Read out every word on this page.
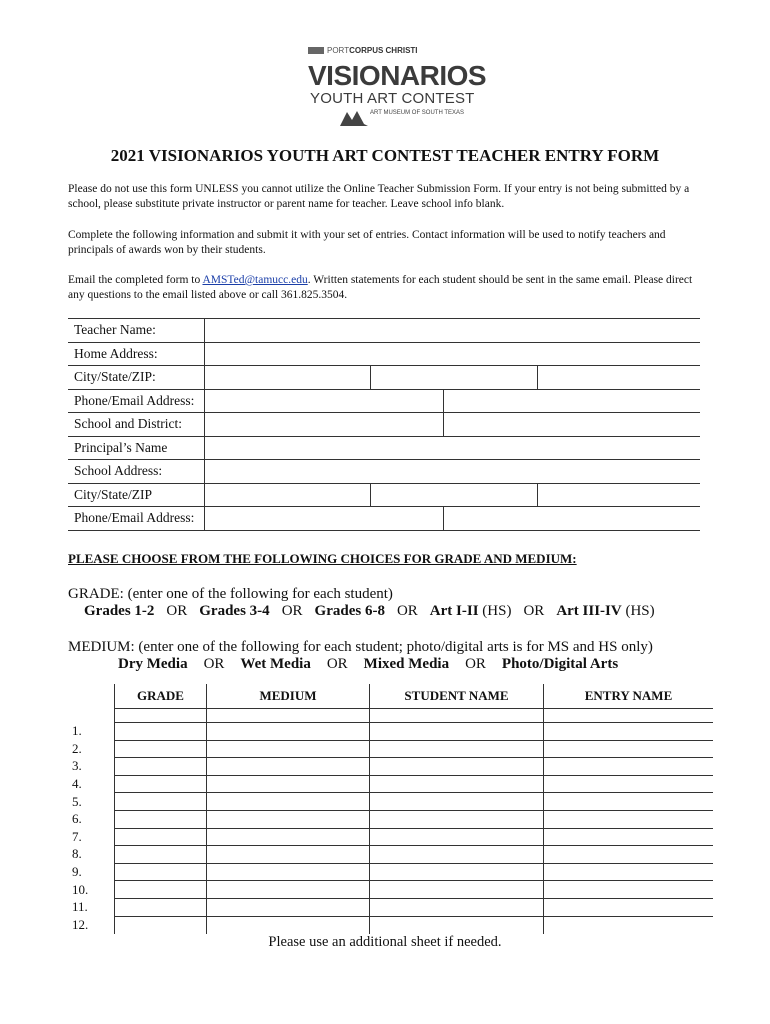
PORTCORPUS CHRISTI
VISIONARIOS
YOUTH ART CONTEST
ART MUSEUM OF SOUTH TEXAS
2021 VISIONARIOS YOUTH ART CONTEST TEACHER ENTRY FORM
Please do not use this form UNLESS you cannot utilize the Online Teacher Submission Form. If your entry is not being submitted by a school, please substitute private instructor or parent name for teacher. Leave school info blank.
Complete the following information and submit it with your set of entries. Contact information will be used to notify teachers and principals of awards won by their students.
Email the completed form to AMSTed@tamucc.edu. Written statements for each student should be sent in the same email. Please direct any questions to the email listed above or call 361.825.3504.
Teacher Name:	
Home Address:	
City/State/ZIP:	

Phone/Email Address:	

School and District:	

Principal’s Name	
School Address:	
City/State/ZIP	

Phone/Email Address:	
PLEASE CHOOSE FROM THE FOLLOWING CHOICES FOR GRADE AND MEDIUM:
GRADE: (enter one of the following for each student)
Grades 1-2 OR Grades 3-4 OR Grades 6-8 OR Art I-II (HS) OR Art III-IV (HS)
MEDIUM: (enter one of the following for each student; photo/digital arts is for MS and HS only)
Dry Media OR Wet Media OR Mixed Media OR Photo/Digital Arts
	GRADE	MEDIUM	STUDENT NAME	ENTRY NAME

1.				
2.				
3.				
4.				
5.				
6.				
7.				
8.				
9.				
10.				
11.				
12.				
Please use an additional sheet if needed.
